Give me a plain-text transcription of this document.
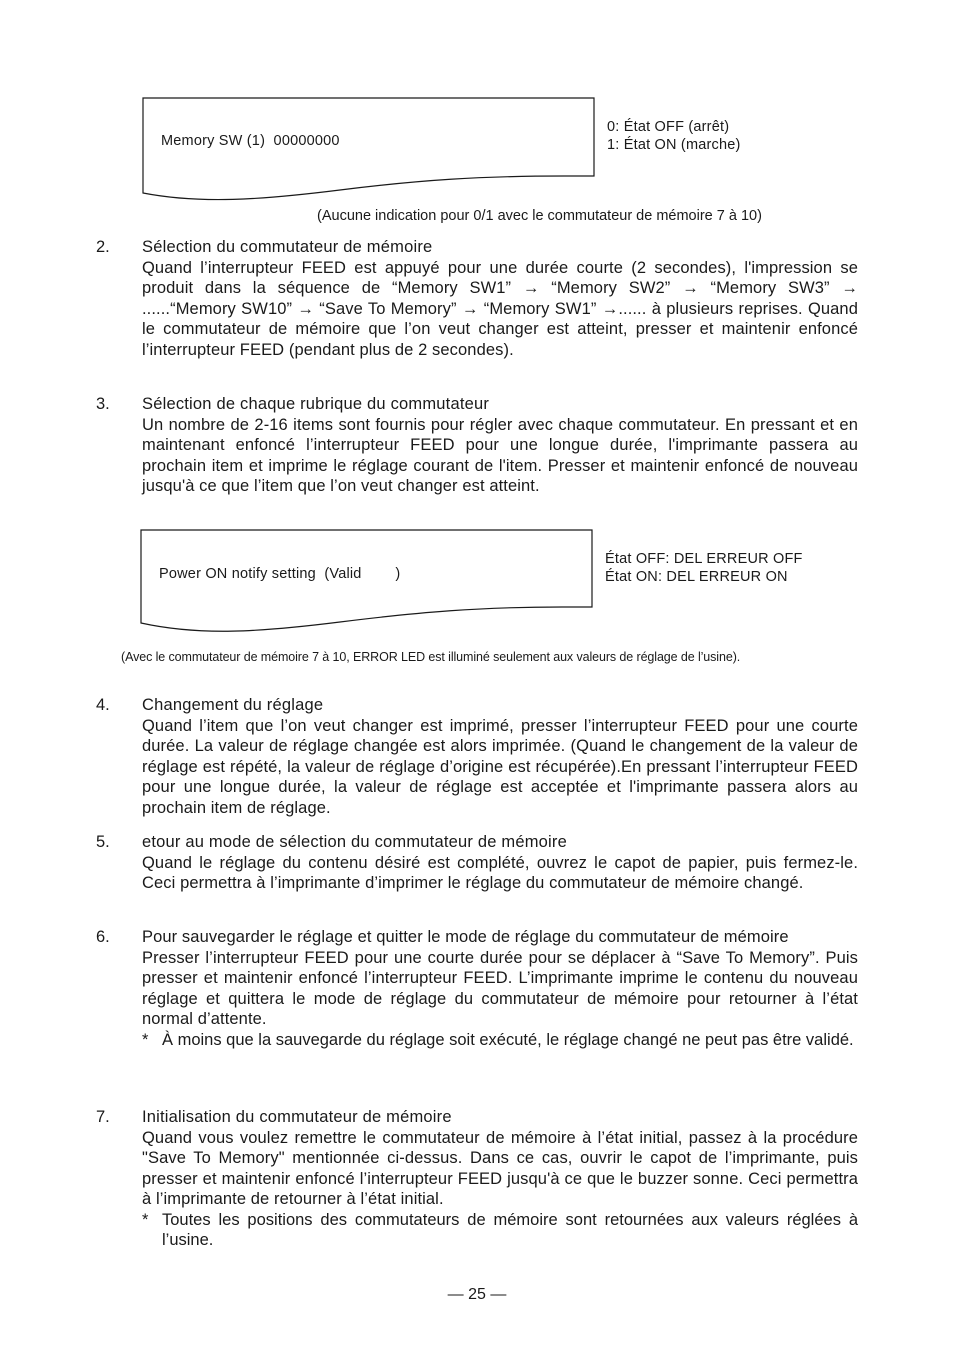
Memory SW (1)  00000000
0: État OFF (arrêt)
1: État ON (marche)
(Aucune indication pour 0/1 avec le commutateur de mémoire 7 à 10)
2.	Sélection du commutateur de mémoire
Quand l’interrupteur FEED est appuyé pour une durée courte (2 secondes), l'impression se produit dans la séquence de “Memory SW1” → “Memory SW2” → “Memory SW3” → ......“Memory SW10” → “Save To Memory” → “Memory SW1” →...... à plusieurs reprises. Quand le commutateur de mémoire que l’on veut changer est atteint, presser et maintenir enfoncé l’interrupteur FEED (pendant plus de 2 secondes).
3.	Sélection de chaque rubrique du commutateur
Un nombre de 2-16 items sont fournis pour régler avec chaque commutateur. En pressant et en maintenant enfoncé l’interrupteur FEED pour une longue durée, l'imprimante passera au prochain item et imprime le réglage courant de l'item. Presser et maintenir enfoncé de nouveau jusqu'à ce que l’item que l’on veut changer est atteint.
Power ON notify setting  (Valid        )
État OFF: DEL ERREUR OFF
État ON: DEL ERREUR ON
(Avec le commutateur de mémoire 7 à 10, ERROR LED est illuminé seulement aux valeurs de réglage de l’usine).
4.	Changement du réglage
Quand l’item que l’on veut changer est imprimé, presser l’interrupteur FEED pour une courte durée. La valeur de réglage changée est alors imprimée. (Quand le changement de la valeur de réglage est répété, la valeur de réglage d’origine est récupérée).En pressant l’interrupteur FEED pour une longue durée, la valeur de réglage est acceptée et l'imprimante passera alors au prochain item de réglage.
5.	etour au mode de sélection du commutateur de mémoire
Quand le réglage du contenu désiré est complété, ouvrez le capot de papier, puis fermez-le. Ceci permettra à l’imprimante d’imprimer le réglage du commutateur de mémoire changé.
6.	Pour sauvegarder le réglage et quitter le mode de réglage du commutateur de mémoire
Presser l’interrupteur FEED pour une courte durée pour se déplacer à “Save To Memory”. Puis presser et maintenir enfoncé l’interrupteur FEED. L’imprimante imprime le contenu du nouveau réglage et quittera le mode de réglage du commutateur de mémoire pour retourner à l’état normal d’attente.
* À moins que la sauvegarde du réglage soit exécuté, le réglage changé ne peut pas être validé.
7.	Initialisation du commutateur de mémoire
Quand vous voulez remettre le commutateur de mémoire à l’état initial, passez à la procédure "Save To Memory" mentionnée ci-dessus. Dans ce cas, ouvrir le capot de l’imprimante, puis presser et maintenir enfoncé l’interrupteur FEED jusqu'à ce que le buzzer sonne. Ceci permettra à l’imprimante de retourner à l’état initial.
* Toutes les positions des commutateurs de mémoire sont retournées aux valeurs réglées à l’usine.
— 25 —
